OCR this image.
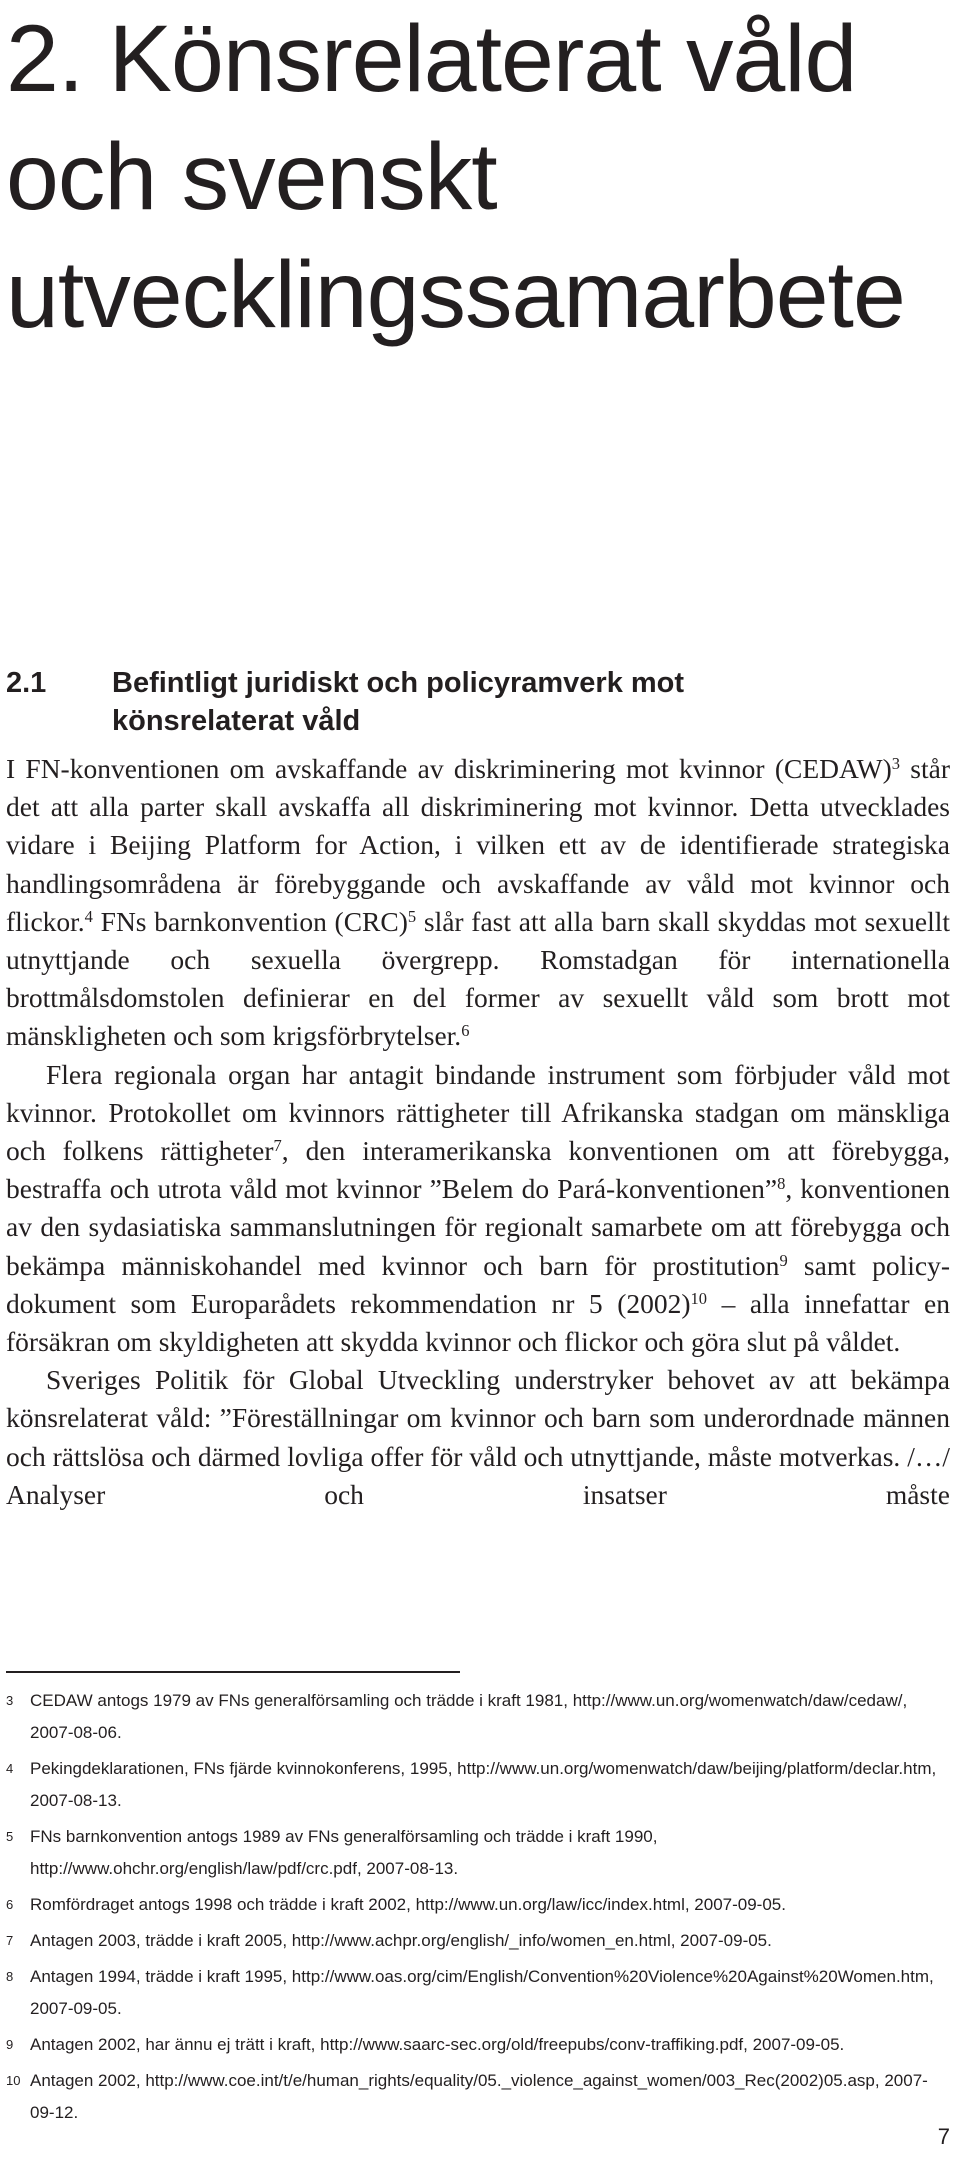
2. Könsrelaterat våld
och svenskt
utvecklingssamarbete
2.1 Befintligt juridiskt och policyramverk mot
könsrelaterat våld

I FN-konventionen om avskaffande av diskriminering mot kvinnor (CEDAW)$^3$ står det att alla parter skall avskaffa all diskriminering mot kvinnor. Detta utvecklades vidare i Beijing Platform for Action, i vilken ett av de identifierade strategiska handlingsområdena är förebyggande och avskaffande av våld mot kvinnor och flickor.$^4$ FNs barnkonvention (CRC)$^5$ slår fast att alla barn skall skyddas mot sexuellt utnyttjande och sexuella övergrepp. Romstadgan för internationella brottmålsdomstolen definierar en del former av sexuellt våld som brott mot mänskligheten och som krigsförbrytelser.$^6$

Flera regionala organ har antagit bindande instrument som förbjuder våld mot kvinnor. Protokollet om kvinnors rättigheter till Afrikanska stadgan om mänskliga och folkens rättigheter$^7$, den interamerikanska konventionen om att förebygga, bestraffa och utrota våld mot kvinnor ”Belem do Pará-konventionen”$^8$, konventionen av den sydasiatiska sammanslutningen för regionalt samarbete om att förebygga och bekämpa människohandel med kvinnor och barn för prostitution$^9$ samt policydokument som Europarådets rekommendation nr 5 $(2002)^{10}$ – alla innefattar en försäkran om skyldigheten att skydda kvinnor och flickor och göra slut på våldet.

Sveriges Politik för Global Utveckling understryker behovet av att bekämpa könsrelaterat våld: ”Föreställningar om kvinnor och barn som underordnade männen och rättslösa och därmed lovliga offer för våld och utnyttjande, måste motverkas. /…/ Analyser och insatser måste

3 CEDAW antogs 1979 av FNs generalförsamling och trädde i kraft 1981, http://www.un.org/womenwatch/daw/cedaw/, 2007-08-06.
4 Pekingdeklarationen, FNs fjärde kvinnokonferens, 1995, http://www.un.org/womenwatch/daw/beijing/platform/declar.htm, 2007-08-13.
5 FNs barnkonvention antogs 1989 av FNs generalförsamling och trädde i kraft 1990, http://www.ohchr.org/english/law/pdf/crc.pdf, 2007-08-13.
6 Romfördraget antogs 1998 och trädde i kraft 2002, http://www.un.org/law/icc/index.html, 2007-09-05.
7 Antagen 2003, trädde i kraft 2005, http://www.achpr.org/english/_info/women_en.html, 2007-09-05.
8 Antagen 1994, trädde i kraft 1995, http://www.oas.org/cim/English/Convention%20Violence%20Against%20Women.htm, 2007-09-05.
9 Antagen 2002, har ännu ej trätt i kraft, http://www.saarc-sec.org/old/freepubs/conv-traffiking.pdf, 2007-09-05.
10 Antagen 2002, http://www.coe.int/t/e/human_rights/equality/05._violence_against_women/003_Rec(2002)05.asp, 2007-09-12.
7
